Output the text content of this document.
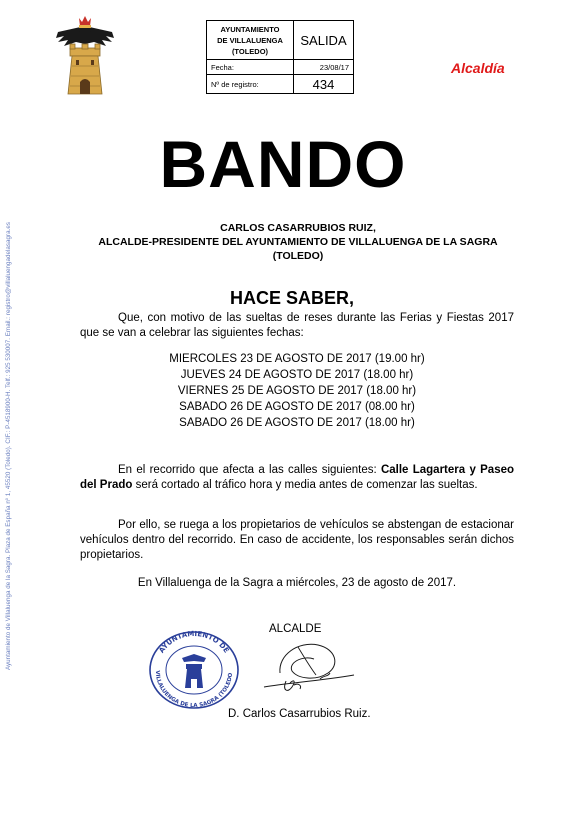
Ayuntamiento de Villaluenga de la Sagra. Plaza de España nº 1, 45520 (Toledo). CIF.: P-4518900-H. Telf.: 925 530007. Email.: registro@villaluengadelasagra.es
AYUNTAMIENTO
DE VILLALUENGA
(TOLEDO)	SALIDA
Fecha:	23/08/17
Nº de registro:	434
Alcaldía
BANDO
CARLOS CASARRUBIOS RUIZ,
ALCALDE-PRESIDENTE DEL AYUNTAMIENTO DE VILLALUENGA DE LA SAGRA
(TOLEDO)
HACE SABER,
Que, con motivo de las sueltas de reses durante las Ferias y Fiestas 2017 que se van a celebrar las siguientes fechas:
MIERCOLES 23 DE AGOSTO DE 2017 (19.00 hr)
JUEVES 24 DE AGOSTO DE 2017 (18.00 hr)
VIERNES 25 DE AGOSTO DE 2017 (18.00 hr)
SABADO 26 DE AGOSTO DE 2017 (08.00 hr)
SABADO 26 DE AGOSTO DE 2017 (18.00 hr)
En el recorrido que afecta a las calles siguientes: Calle Lagartera y Paseo del Prado será cortado al tráfico hora y media antes de comenzar las sueltas.
Por ello, se ruega a los propietarios de vehículos se abstengan de estacionar vehículos dentro del recorrido. En caso de accidente, los responsables serán dichos propietarios.
En Villaluenga de la Sagra a miércoles, 23 de agosto de 2017.
ALCALDE
AYUNTAMIENTO DE
VILLALUENGA DE LA SAGRA (TOLEDO
D. Carlos Casarrubios Ruiz.
